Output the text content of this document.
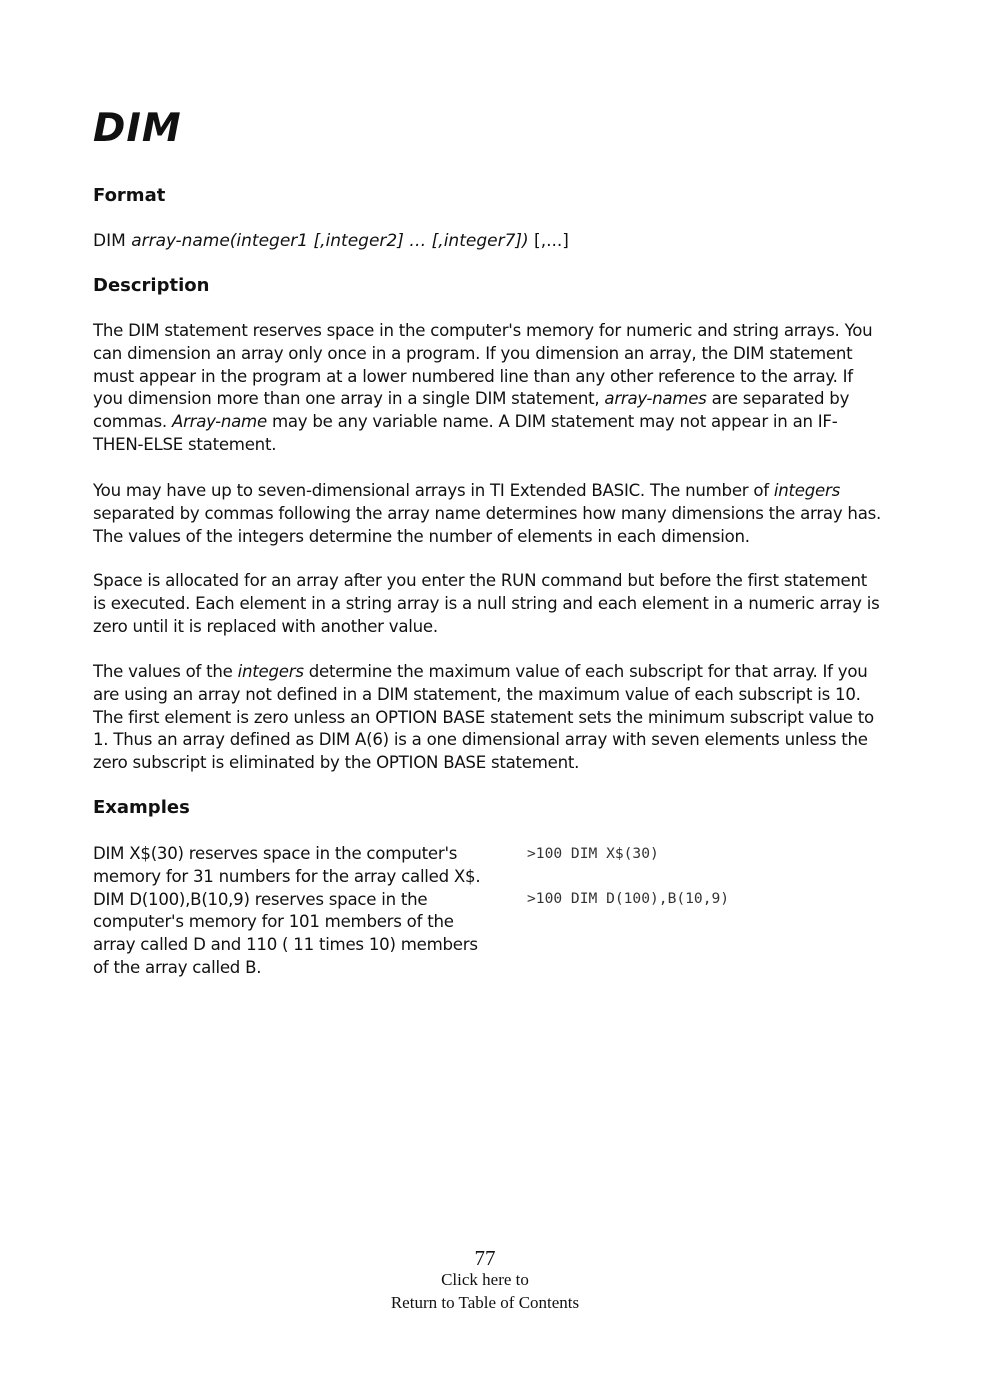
DIM
Format

DIM array-name(integer1 [,integer2] … [,integer7]) [,...]

Description

The DIM statement reserves space in the computer's memory for numeric and string arrays. You can dimension an array only once in a program. If you dimension an array, the DIM statement must appear in the program at a lower numbered line than any other reference to the array. If you dimension more than one array in a single DIM statement, array-names are separated by commas. Array-name may be any variable name. A DIM statement may not appear in an IF-THEN-ELSE statement.

You may have up to seven-dimensional arrays in TI Extended BASIC. The number of integers separated by commas following the array name determines how many dimensions the array has. The values of the integers determine the number of elements in each dimension.

Space is allocated for an array after you enter the RUN command but before the first statement is executed. Each element in a string array is a null string and each element in a numeric array is zero until it is replaced with another value.

The values of the integers determine the maximum value of each subscript for that array. If you are using an array not defined in a DIM statement, the maximum value of each subscript is 10. The first element is zero unless an OPTION BASE statement sets the minimum subscript value to 1. Thus an array defined as DIM A(6) is a one dimensional array with seven elements unless the zero subscript is eliminated by the OPTION BASE statement.

Examples

DIM X$(30) reserves space in the computer's memory for 31 numbers for the array called X$. DIM D(100),B(10,9) reserves space in the computer's memory for 101 members of the array called D and 110 ( 11 times 10) members of the array called B.

>100 DIM X$(30)
>100 DIM D(100),B(10,9)
77
Click here to
Return to Table of Contents
